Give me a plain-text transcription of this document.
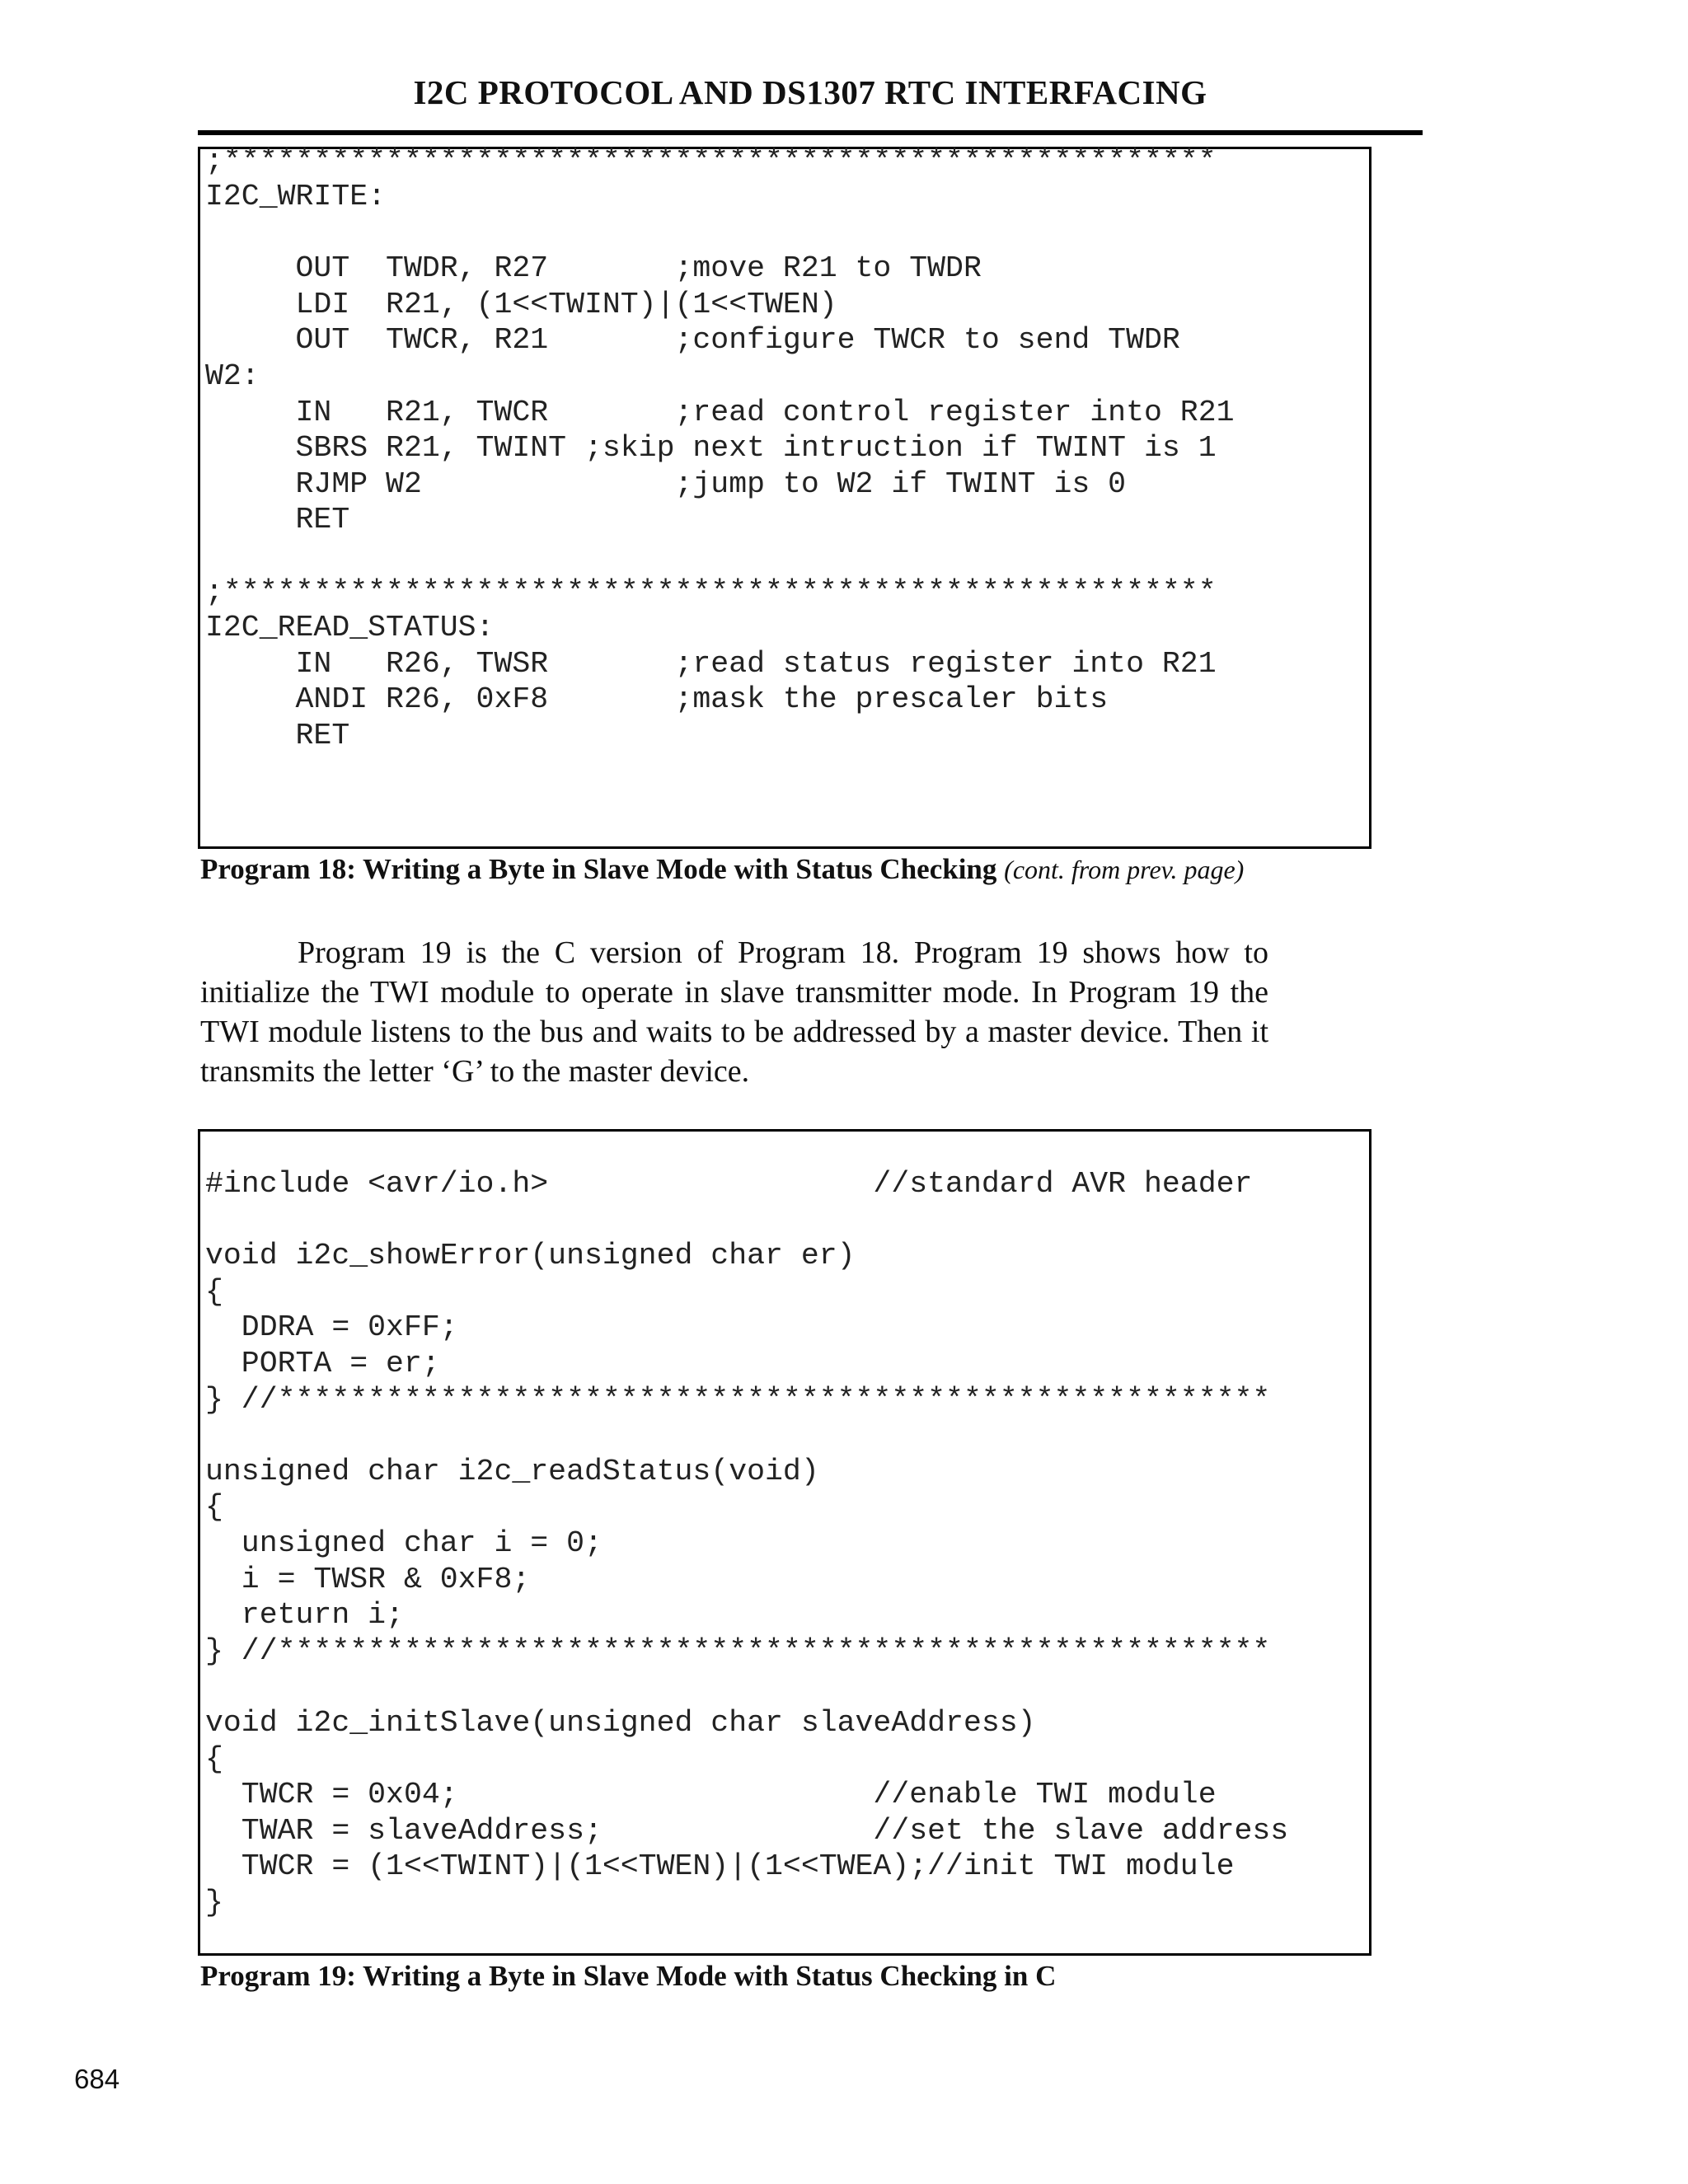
I2C PROTOCOL AND DS1307 RTC INTERFACING
;*******************************************************
I2C_WRITE:
OUT  TWDR, R27       ;move R21 to TWDR
LDI  R21, (1<<TWINT)|(1<<TWEN)
OUT  TWCR, R21       ;configure TWCR to send TWDR
W2:
IN   R21, TWCR       ;read control register into R21
SBRS R21, TWINT ;skip next intruction if TWINT is 1
RJMP W2              ;jump to W2 if TWINT is 0
RET
;*******************************************************
I2C_READ_STATUS:
IN   R26, TWSR       ;read status register into R21
ANDI R26, 0xF8       ;mask the prescaler bits
RET
Program 18: Writing a Byte in Slave Mode with Status Checking (cont. from prev. page)
Program 19 is the C version of Program 18. Program 19 shows how to initialize the TWI module to operate in slave transmitter mode. In Program 19 the TWI module listens to the bus and waits to be addressed by a master device. Then it transmits the letter ‘G’ to the master device.
#include <avr/io.h>                  //standard AVR header
void i2c_showError(unsigned char er)
{
DDRA = 0xFF;
PORTA = er;
} //*******************************************************
unsigned char i2c_readStatus(void)
{
unsigned char i = 0;
i = TWSR & 0xF8;
return i;
} //*******************************************************
void i2c_initSlave(unsigned char slaveAddress)
{
TWCR = 0x04;                       //enable TWI module
TWAR = slaveAddress;               //set the slave address
TWCR = (1<<TWINT)|(1<<TWEN)|(1<<TWEA);//init TWI module
}
Program 19: Writing a Byte in Slave Mode with Status Checking in C
684
